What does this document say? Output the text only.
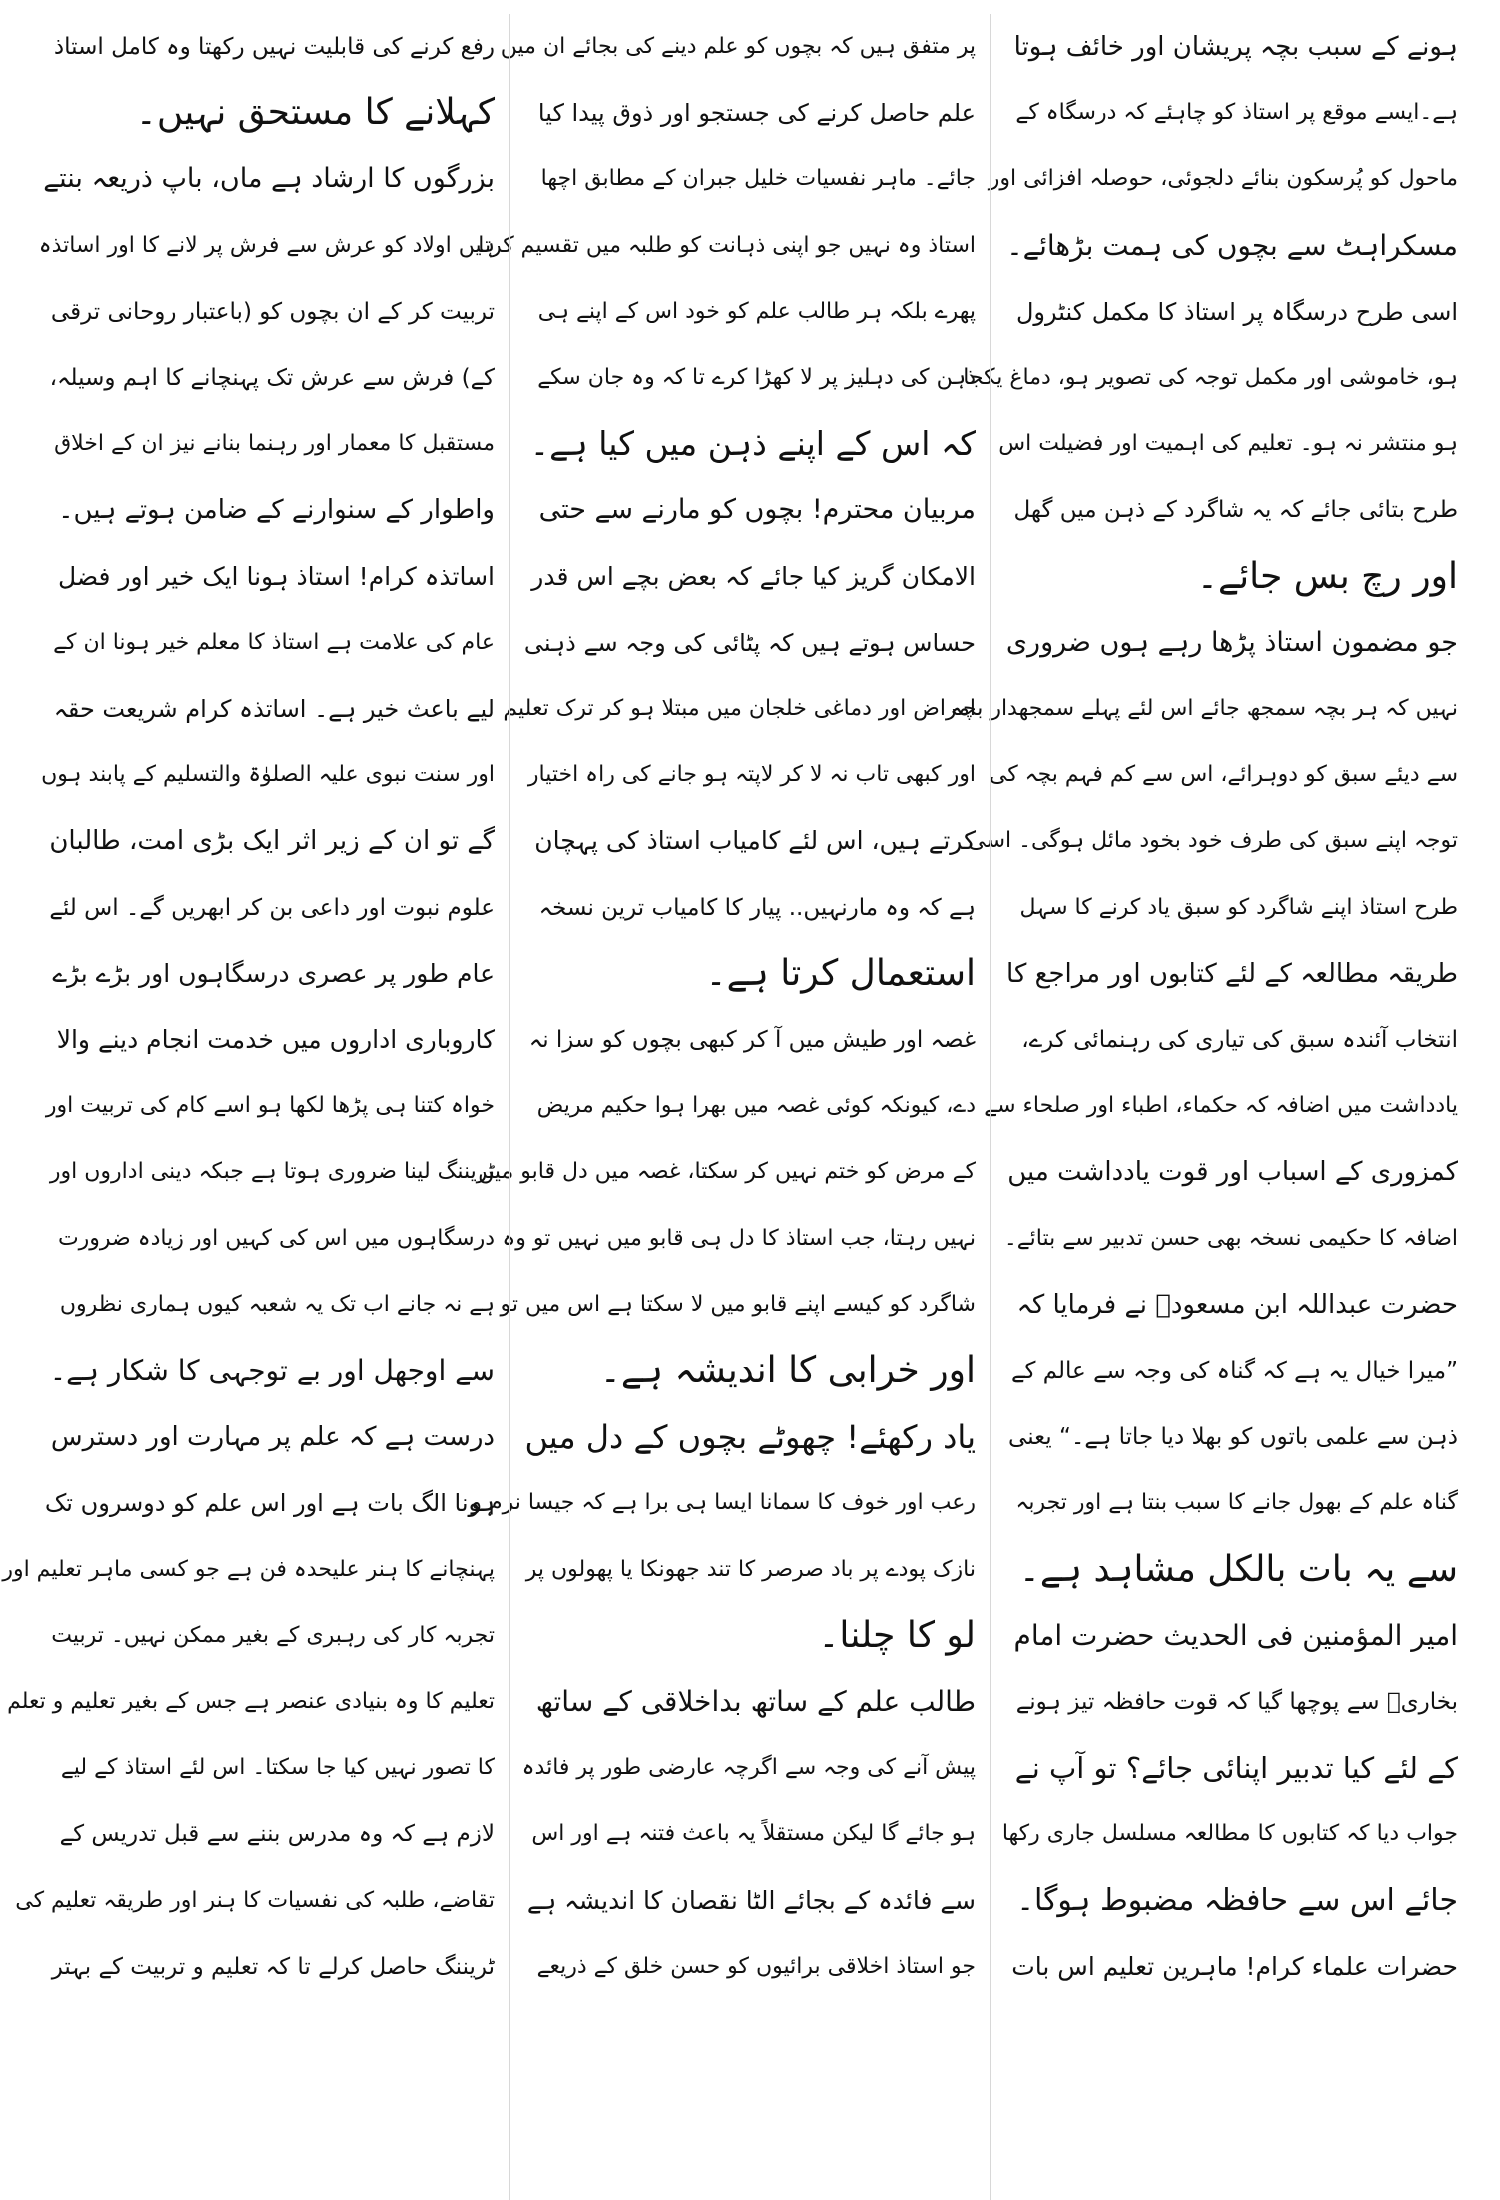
ہونے کے سبب بچہ پریشان اور خائف ہوتا
ہے۔ایسے موقع پر استاذ کو چاہئے کہ درسگاہ کے
ماحول کو پُرسکون بنائے دلجوئی، حوصلہ افزائی اور
مسکراہٹ سے بچوں کی ہمت بڑھائے۔

اسی طرح درسگاہ پر استاذ کا مکمل کنٹرول
ہو، خاموشی اور مکمل توجہ کی تصویر ہو، دماغ یکجا
ہو منتشر نہ ہو۔ تعلیم کی اہمیت اور فضیلت اس
طرح بتائی جائے کہ یہ شاگرد کے ذہن میں گھل
اور رچ بس جائے۔

جو مضمون استاذ پڑھا رہے ہوں ضروری
نہیں کہ ہر بچہ سمجھ جائے اس لئے پہلے سمجھدار بچہ
سے دیئے سبق کو دوہرائے، اس سے کم فہم بچہ کی
توجہ اپنے سبق کی طرف خود بخود مائل ہوگی۔ اسی
طرح استاذ اپنے شاگرد کو سبق یاد کرنے کا سہل
طریقہ مطالعہ کے لئے کتابوں اور مراجع کا
انتخاب آئندہ سبق کی تیاری کی رہنمائی کرے،
یادداشت میں اضافہ کہ حکماء، اطباء اور صلحاء سے
کمزوری کے اسباب اور قوت یادداشت میں
اضافہ کا حکیمی نسخہ بھی حسن تدبیر سے بتائے۔

حضرت عبداللہ ابن مسعودؓ نے فرمایا کہ
”میرا خیال یہ ہے کہ گناہ کی وجہ سے عالم کے
ذہن سے علمی باتوں کو بھلا دیا جاتا ہے۔“ یعنی
گناہ علم کے بھول جانے کا سبب بنتا ہے اور تجربہ
سے یہ بات بالکل مشاہد ہے۔

امیر المؤمنین فی الحدیث حضرت امام
بخاریؒ سے پوچھا گیا کہ قوت حافظہ تیز ہونے
کے لئے کیا تدبیر اپنائی جائے؟ تو آپ نے
جواب دیا کہ کتابوں کا مطالعہ مسلسل جاری رکھا
جائے اس سے حافظہ مضبوط ہوگا۔

حضرات علماء کرام! ماہرین تعلیم اس بات

پر متفق ہیں کہ بچوں کو علم دینے کی بجائے ان میں
علم حاصل کرنے کی جستجو اور ذوق پیدا کیا
جائے۔ ماہر نفسیات خلیل جبران کے مطابق اچھا
استاذ وہ نہیں جو اپنی ذہانت کو طلبہ میں تقسیم کرتا
پھرے بلکہ ہر طالب علم کو خود اس کے اپنے ہی
ذہن کی دہلیز پر لا کھڑا کرے تا کہ وہ جان سکے
کہ اس کے اپنے ذہن میں کیا ہے۔

مربیان محترم! بچوں کو مارنے سے حتی
الامکان گریز کیا جائے کہ بعض بچے اس قدر
حساس ہوتے ہیں کہ پٹائی کی وجہ سے ذہنی
امراض اور دماغی خلجان میں مبتلا ہو کر ترک تعلیم
اور کبھی تاب نہ لا کر لاپتہ ہو جانے کی راہ اختیار
کرتے ہیں، اس لئے کامیاب استاذ کی پہچان
ہے کہ وہ مارنہیں.. پیار کا کامیاب ترین نسخہ
استعمال کرتا ہے۔

غصہ اور طیش میں آ کر کبھی بچوں کو سزا نہ
دے، کیونکہ کوئی غصہ میں بھرا ہوا حکیم مریض
کے مرض کو ختم نہیں کر سکتا، غصہ میں دل قابو میں
نہیں رہتا، جب استاذ کا دل ہی قابو میں نہیں تو وہ
شاگرد کو کیسے اپنے قابو میں لا سکتا ہے اس میں تو
اور خرابی کا اندیشہ ہے۔

یاد رکھئے! چھوٹے بچوں کے دل میں
رعب اور خوف کا سمانا ایسا ہی برا ہے کہ جیسا نرم و
نازک پودے پر باد صرصر کا تند جھونکا یا پھولوں پر
لو کا چلنا۔

طالب علم کے ساتھ بداخلاقی کے ساتھ
پیش آنے کی وجہ سے اگرچہ عارضی طور پر فائدہ
ہو جائے گا لیکن مستقلاً یہ باعث فتنہ ہے اور اس
سے فائدہ کے بجائے الٹا نقصان کا اندیشہ ہے
جو استاذ اخلاقی برائیوں کو حسن خلق کے ذریعے

رفع کرنے کی قابلیت نہیں رکھتا وہ کامل استاذ
کہلانے کا مستحق نہیں۔

بزرگوں کا ارشاد ہے ماں، باپ ذریعہ بنتے
ہیں اولاد کو عرش سے فرش پر لانے کا اور اساتذہ
تربیت کر کے ان بچوں کو (باعتبار روحانی ترقی
کے) فرش سے عرش تک پہنچانے کا اہم وسیلہ،
مستقبل کا معمار اور رہنما بنانے نیز ان کے اخلاق
واطوار کے سنوارنے کے ضامن ہوتے ہیں۔

اساتذہ کرام! استاذ ہونا ایک خیر اور فضل
عام کی علامت ہے استاذ کا معلم خیر ہونا ان کے
لیے باعث خیر ہے۔ اساتذہ کرام شریعت حقہ
اور سنت نبوی علیہ الصلوٰۃ والتسلیم کے پابند ہوں
گے تو ان کے زیر اثر ایک بڑی امت، طالبان
علوم نبوت اور داعی بن کر ابھریں گے۔ اس لئے
عام طور پر عصری درسگاہوں اور بڑے بڑے
کاروباری اداروں میں خدمت انجام دینے والا
خواہ کتنا ہی پڑھا لکھا ہو اسے کام کی تربیت اور
ٹریننگ لینا ضروری ہوتا ہے جبکہ دینی اداروں اور
درسگاہوں میں اس کی کہیں اور زیادہ ضرورت
ہے نہ جانے اب تک یہ شعبہ کیوں ہماری نظروں
سے اوجھل اور بے توجہی کا شکار ہے۔

درست ہے کہ علم پر مہارت اور دسترس
ہونا الگ بات ہے اور اس علم کو دوسروں تک
پہنچانے کا ہنر علیحدہ فن ہے جو کسی ماہر تعلیم اور
تجربہ کار کی رہبری کے بغیر ممکن نہیں۔ تربیت
تعلیم کا وہ بنیادی عنصر ہے جس کے بغیر تعلیم و تعلم
کا تصور نہیں کیا جا سکتا۔ اس لئے استاذ کے لیے
لازم ہے کہ وہ مدرس بننے سے قبل تدریس کے
تقاضے، طلبہ کی نفسیات کا ہنر اور طریقہ تعلیم کی
ٹریننگ حاصل کرلے تا کہ تعلیم و تربیت کے بہتر
